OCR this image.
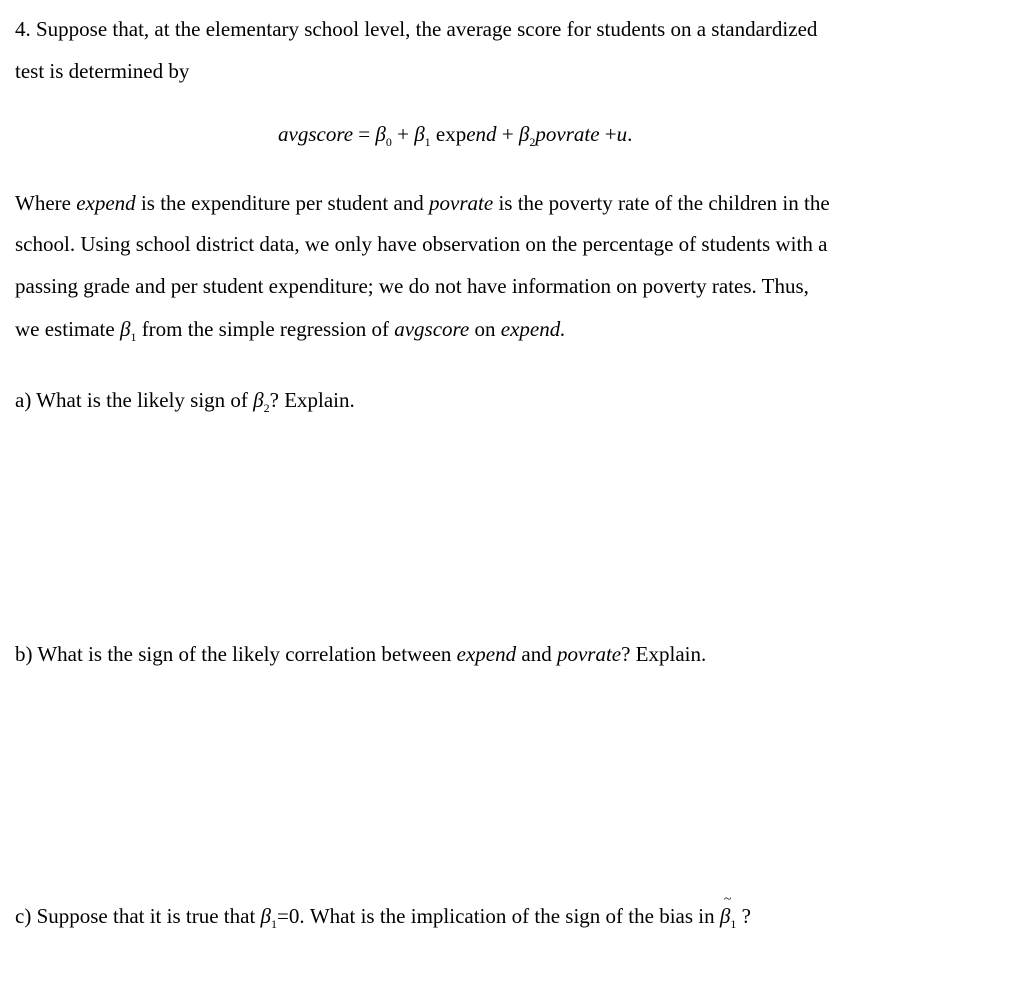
4. Suppose that, at the elementary school level, the average score for students on a standardized
test is determined by
avgscore = $\beta_0 + \beta_1$ expend + $\beta_2povrate +u$.
Where expend is the expenditure per student and povrate is the poverty rate of the children in the
school. Using school district data, we only have observation on the percentage of students with a
passing grade and per student expenditure; we do not have information on poverty rates. Thus,
we estimate $\beta_1$ from the simple regression of avgscore on expend.
a) What is the likely sign of $\beta_2$? Explain.
b) What is the sign of the likely correlation between expend and povrate? Explain.
c) Suppose that it is true that $\beta_1=0$. What is the implication of the sign of the bias in
~
$\beta_1$ ?
